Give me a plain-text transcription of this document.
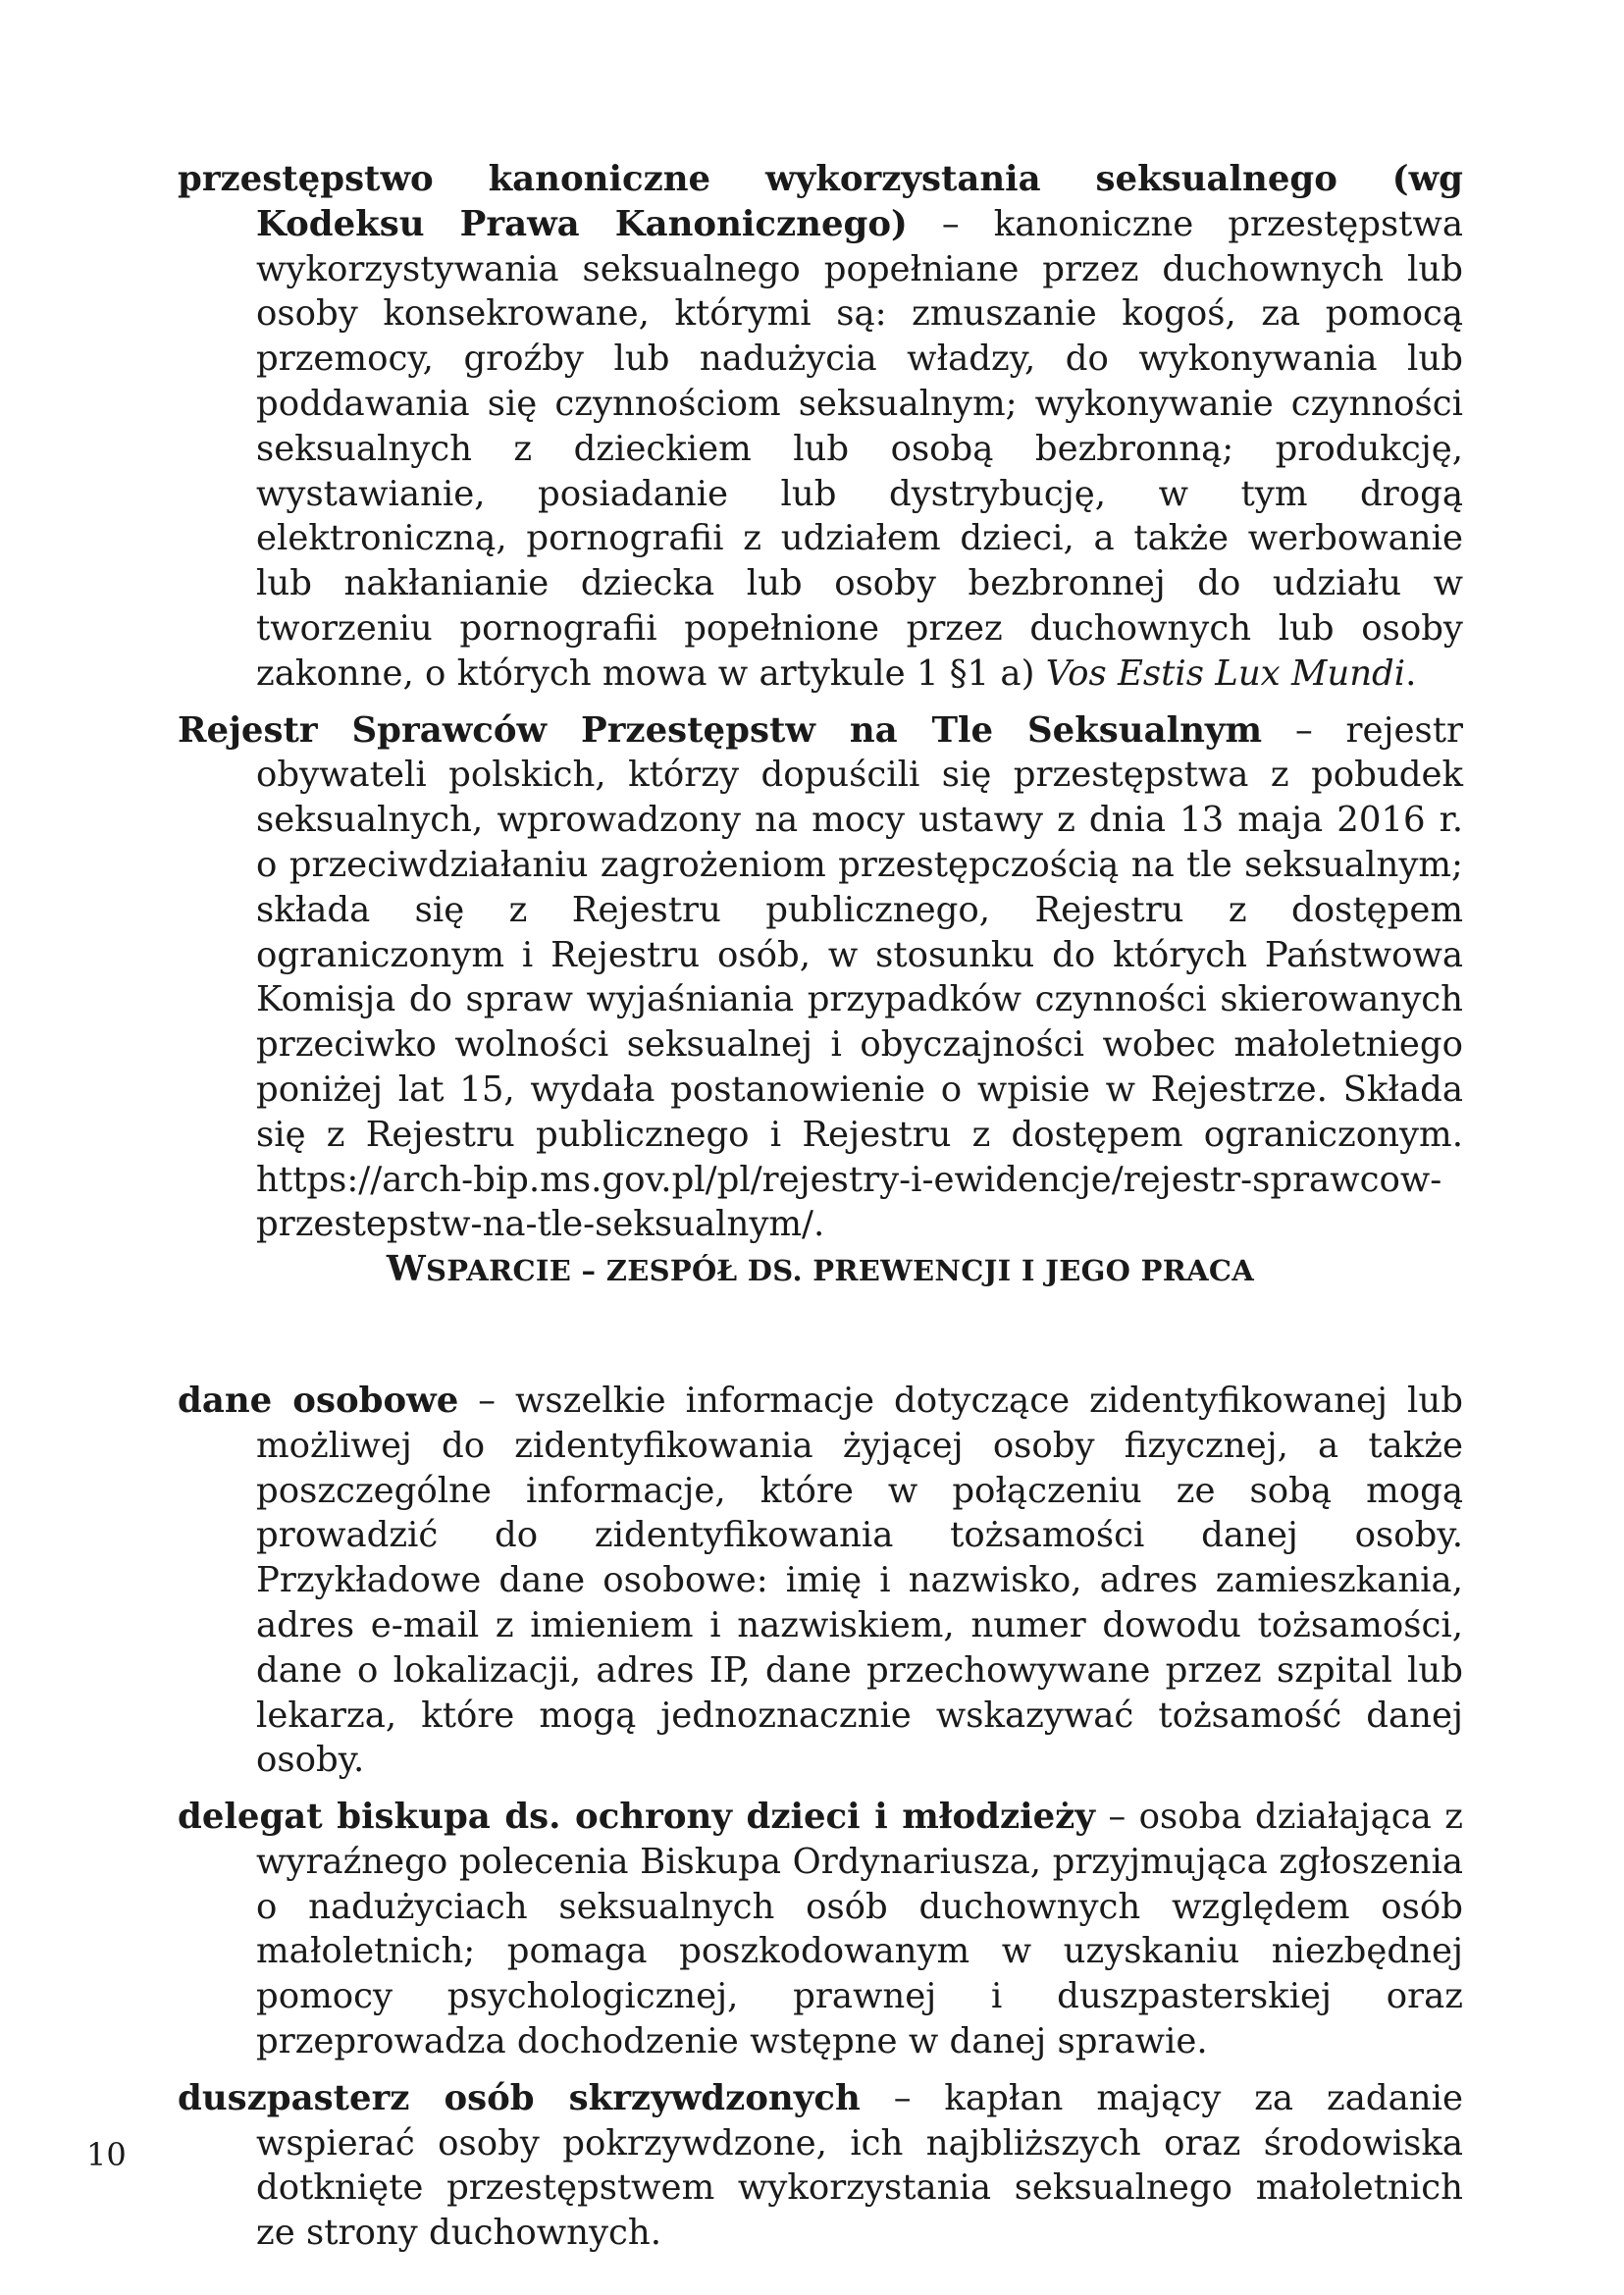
przestępstwo kanoniczne wykorzystania seksualnego (wg Kodeksu Prawa Kanonicznego) – kanoniczne przestępstwa wykorzystywania seksualnego popełniane przez duchownych lub osoby konsekrowane, którymi są: zmuszanie kogoś, za pomocą przemocy, groźby lub nadużycia władzy, do wykonywania lub poddawania się czynnościom seksualnym; wykonywanie czynności seksualnych z dzieckiem lub osobą bezbronną; produkcję, wystawianie, posiadanie lub dystrybucję, w tym drogą elektroniczną, pornografii z udziałem dzieci, a także werbowanie lub nakłanianie dziecka lub osoby bezbronnej do udziału w tworzeniu pornografii popełnione przez duchownych lub osoby zakonne, o których mowa w artykule 1 §1 a) Vos Estis Lux Mundi.

Rejestr Sprawców Przestępstw na Tle Seksualnym – rejestr obywateli polskich, którzy dopuścili się przestępstwa z pobudek seksualnych, wprowadzony na mocy ustawy z dnia 13 maja 2016 r. o przeciwdziałaniu zagrożeniom przestępczością na tle seksualnym; składa się z Rejestru publicznego, Rejestru z dostępem ograniczonym i Rejestru osób, w stosunku do których Państwowa Komisja do spraw wyjaśniania przypadków czynności skierowanych przeciwko wolności seksualnej i obyczajności wobec małoletniego poniżej lat 15, wydała postanowienie o wpisie w Rejestrze. Składa się z Rejestru publicznego i Rejestru z dostępem ograniczonym. https://arch-bip.ms.gov.pl/pl/rejestry-i-ewidencje/rejestr-sprawcow-przestepstw-na-tle-seksualnym/.

WSPARCIE – ZESPÓŁ DS. PREWENCJI I JEGO PRACA

dane osobowe – wszelkie informacje dotyczące zidentyfikowanej lub możliwej do zidentyfikowania żyjącej osoby fizycznej, a także poszczególne informacje, które w połączeniu ze sobą mogą prowadzić do zidentyfikowania tożsamości danej osoby. Przykładowe dane osobowe: imię i nazwisko, adres zamieszkania, adres e-mail z imieniem i nazwiskiem, numer dowodu tożsamości, dane o lokalizacji, adres IP, dane przechowywane przez szpital lub lekarza, które mogą jednoznacznie wskazywać tożsamość danej osoby.

delegat biskupa ds. ochrony dzieci i młodzieży – osoba działająca z wyraźnego polecenia Biskupa Ordynariusza, przyjmująca zgłoszenia o nadużyciach seksualnych osób duchownych względem osób małoletnich; pomaga poszkodowanym w uzyskaniu niezbędnej pomocy psychologicznej, prawnej i duszpasterskiej oraz przeprowadza dochodzenie wstępne w danej sprawie.

duszpasterz osób skrzywdzonych – kapłan mający za zadanie wspierać osoby pokrzywdzone, ich najbliższych oraz środowiska dotknięte przestępstwem wykorzystania seksualnego małoletnich ze strony duchownych.

10
